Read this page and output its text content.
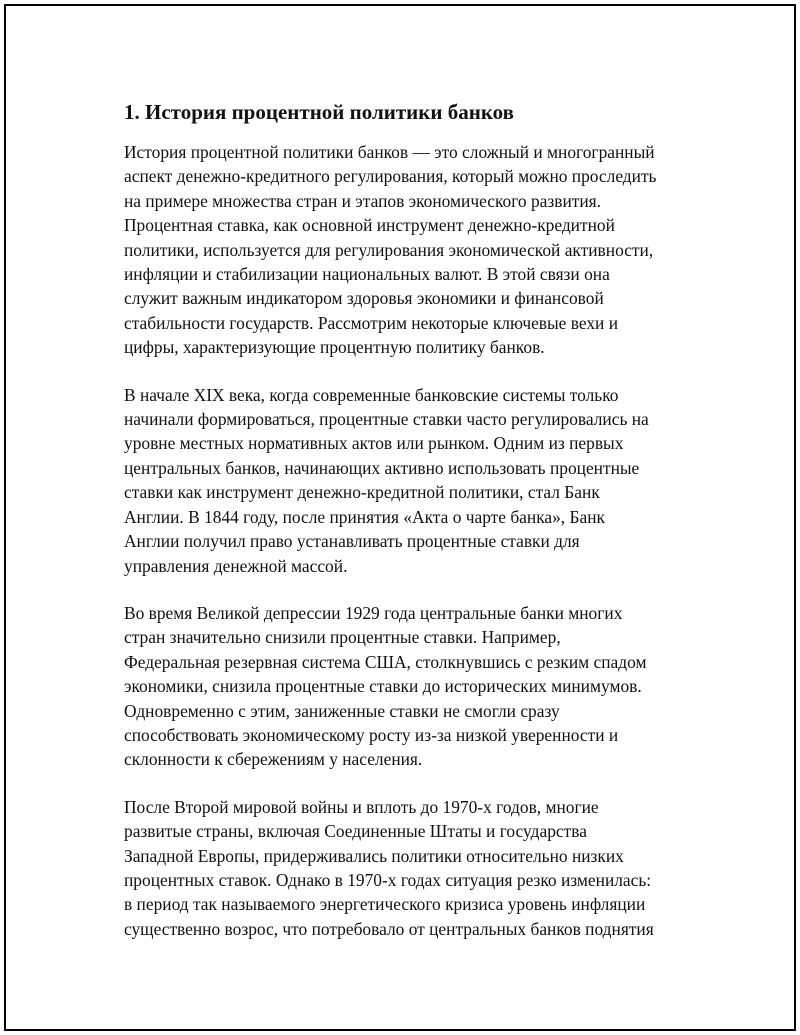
1. История процентной политики банков

История процентной политики банков — это сложный и многогранный
аспект денежно-кредитного регулирования, который можно проследить
на примере множества стран и этапов экономического развития.
Процентная ставка, как основной инструмент денежно-кредитной
политики, используется для регулирования экономической активности,
инфляции и стабилизации национальных валют. В этой связи она
служит важным индикатором здоровья экономики и финансовой
стабильности государств. Рассмотрим некоторые ключевые вехи и
цифры, характеризующие процентную политику банков.

В начале XIX века, когда современные банковские системы только
начинали формироваться, процентные ставки часто регулировались на
уровне местных нормативных актов или рынком. Одним из первых
центральных банков, начинающих активно использовать процентные
ставки как инструмент денежно-кредитной политики, стал Банк
Англии. В 1844 году, после принятия «Акта о чарте банка», Банк
Англии получил право устанавливать процентные ставки для
управления денежной массой.

Во время Великой депрессии 1929 года центральные банки многих
стран значительно снизили процентные ставки. Например,
Федеральная резервная система США, столкнувшись с резким спадом
экономики, снизила процентные ставки до исторических минимумов.
Одновременно с этим, заниженные ставки не смогли сразу
способствовать экономическому росту из-за низкой уверенности и
склонности к сбережениям у населения.

После Второй мировой войны и вплоть до 1970-х годов, многие
развитые страны, включая Соединенные Штаты и государства
Западной Европы, придерживались политики относительно низких
процентных ставок. Однако в 1970-х годах ситуация резко изменилась:
в период так называемого энергетического кризиса уровень инфляции
существенно возрос, что потребовало от центральных банков поднятия
